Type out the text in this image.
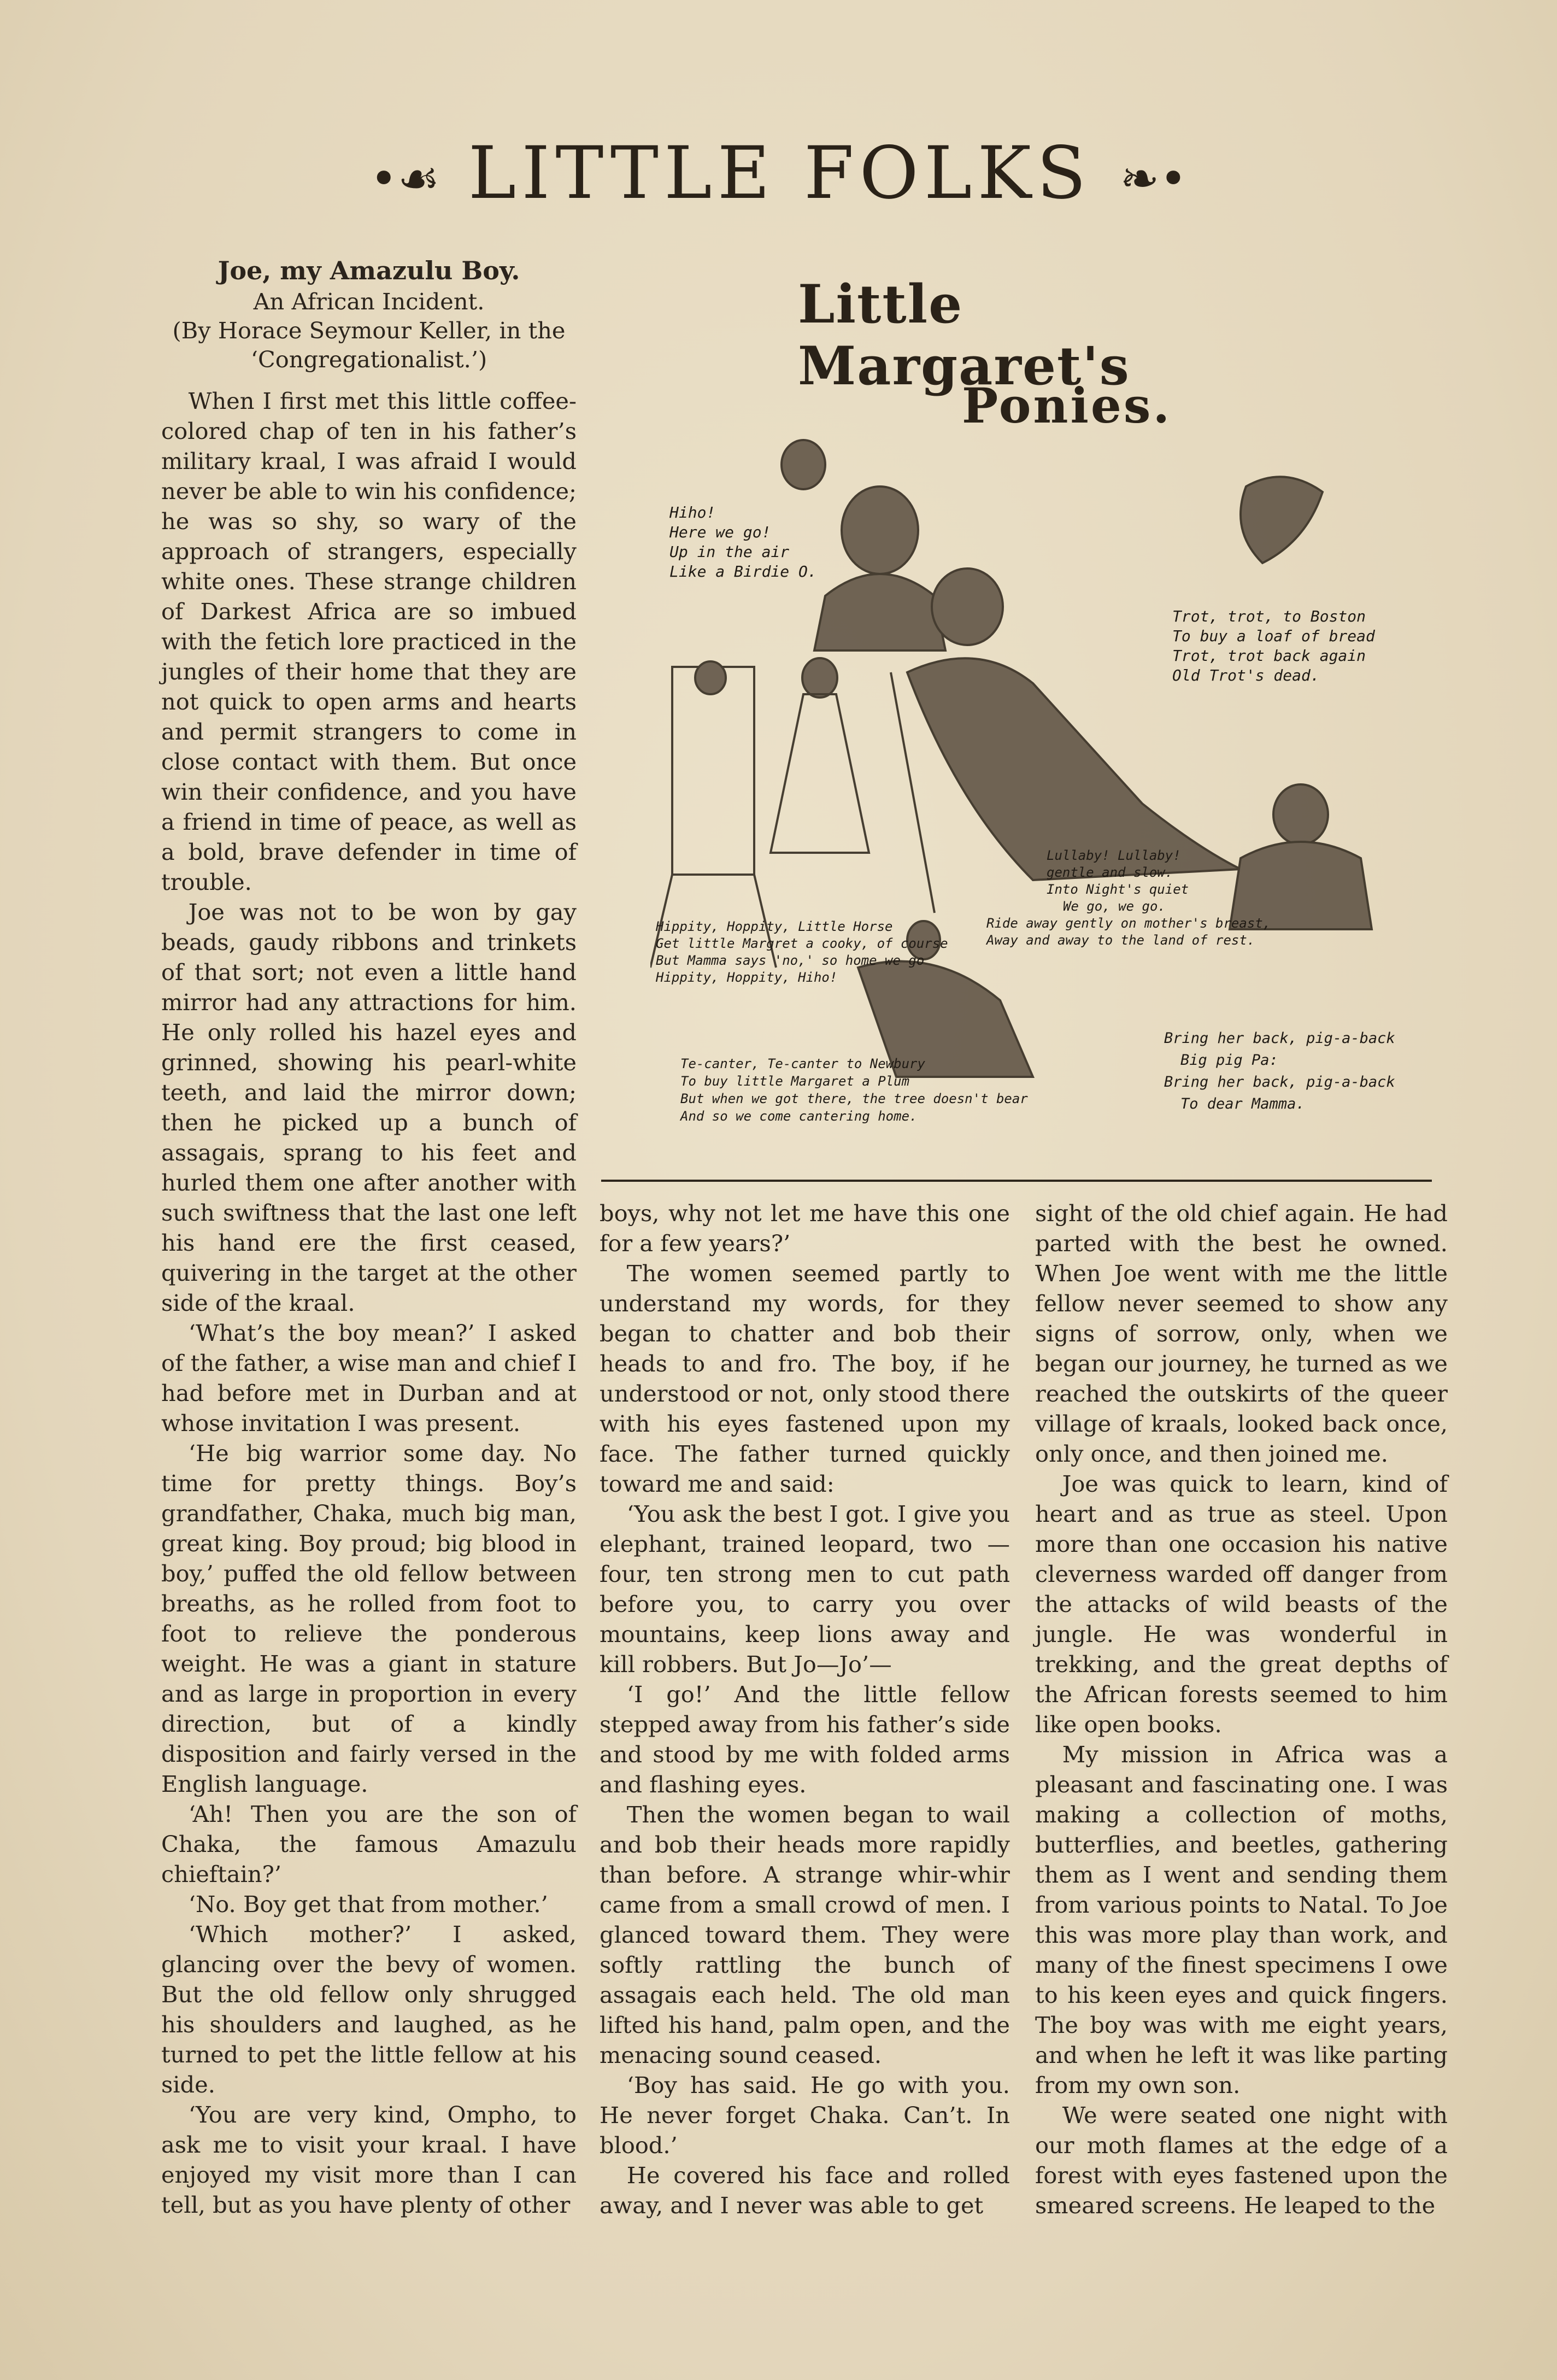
•☙ LITTLE FOLKS ❧•

Joe, my Amazulu Boy.

An African Incident.

(By Horace Seymour Keller, in the

‘Congregationalist.’)

When I first met this little coffee-colored chap of ten in his father’s military kraal, I was afraid I would never be able to win his confidence; he was so shy, so wary of the approach of strangers, especially white ones. These strange children of Darkest Africa are so imbued with the fetich lore practiced in the jungles of their home that they are not quick to open arms and hearts and permit strangers to come in close contact with them. But once win their confidence, and you have a friend in time of peace, as well as a bold, brave defender in time of trouble.

Joe was not to be won by gay beads, gaudy ribbons and trinkets of that sort; not even a little hand mirror had any attractions for him. He only rolled his hazel eyes and grinned, showing his pearl-white teeth, and laid the mirror down; then he picked up a bunch of assagais, sprang to his feet and hurled them one after another with such swiftness that the last one left his hand ere the first ceased, quivering in the target at the other side of the kraal.

‘What’s the boy mean?’ I asked of the father, a wise man and chief I had before met in Durban and at whose invitation I was present.

‘He big warrior some day. No time for pretty things. Boy’s grandfather, Chaka, much big man, great king. Boy proud; big blood in boy,’ puffed the old fellow between breaths, as he rolled from foot to foot to relieve the ponderous weight. He was a giant in stature and as large in proportion in every direction, but of a kindly disposition and fairly versed in the English language.

‘Ah! Then you are the son of Chaka, the famous Amazulu chieftain?’

‘No. Boy get that from mother.’

‘Which mother?’ I asked, glancing over the bevy of women. But the old fellow only shrugged his shoulders and laughed, as he turned to pet the little fellow at his side.

‘You are very kind, Ompho, to ask me to visit your kraal. I have enjoyed my visit more than I can tell, but as you have plenty of other

Little Margaret's
Ponies.
Hiho!
Here we go!
Up in the air
Like a Birdie O.
Trot, trot, to Boston
To buy a loaf of bread
Trot, trot back again
Old Trot's dead.
Hippity, Hoppity, Little Horse
Get little Margret a cooky, of course
But Mamma says 'no,' so home we go
Hippity, Hoppity, Hiho!
Lullaby! Lullaby!
gentle and slow.
Into Night's quiet
We go, we go.
Ride away gently on mother's breast,
Away and away to the land of rest.
Te-canter, Te-canter to Newbury
To buy little Margaret a Plum
But when we got there, the tree doesn't bear
And so we come cantering home.
Bring her back, pig-a-back
Big pig Pa:
Bring her back, pig-a-back
To dear Mamma.

boys, why not let me have this one for a few years?’

The women seemed partly to understand my words, for they began to chatter and bob their heads to and fro. The boy, if he understood or not, only stood there with his eyes fastened upon my face. The father turned quickly toward me and said:

‘You ask the best I got. I give you elephant, trained leopard, two —four, ten strong men to cut path before you, to carry you over mountains, keep lions away and kill robbers. But Jo—Jo’—

‘I go!’ And the little fellow stepped away from his father’s side and stood by me with folded arms and flashing eyes.

Then the women began to wail and bob their heads more rapidly than before. A strange whir-whir came from a small crowd of men. I glanced toward them. They were softly rattling the bunch of assagais each held. The old man lifted his hand, palm open, and the menacing sound ceased.

‘Boy has said. He go with you. He never forget Chaka. Can’t. In blood.’

He covered his face and rolled away, and I never was able to get

sight of the old chief again. He had parted with the best he owned. When Joe went with me the little fellow never seemed to show any signs of sorrow, only, when we began our journey, he turned as we reached the outskirts of the queer village of kraals, looked back once, only once, and then joined me.

Joe was quick to learn, kind of heart and as true as steel. Upon more than one occasion his native cleverness warded off danger from the attacks of wild beasts of the jungle. He was wonderful in trekking, and the great depths of the African forests seemed to him like open books.

My mission in Africa was a pleasant and fascinating one. I was making a collection of moths, butterflies, and beetles, gathering them as I went and sending them from various points to Natal. To Joe this was more play than work, and many of the finest specimens I owe to his keen eyes and quick fingers. The boy was with me eight years, and when he left it was like parting from my own son.

We were seated one night with our moth flames at the edge of a forest with eyes fastened upon the smeared screens. He leaped to the
